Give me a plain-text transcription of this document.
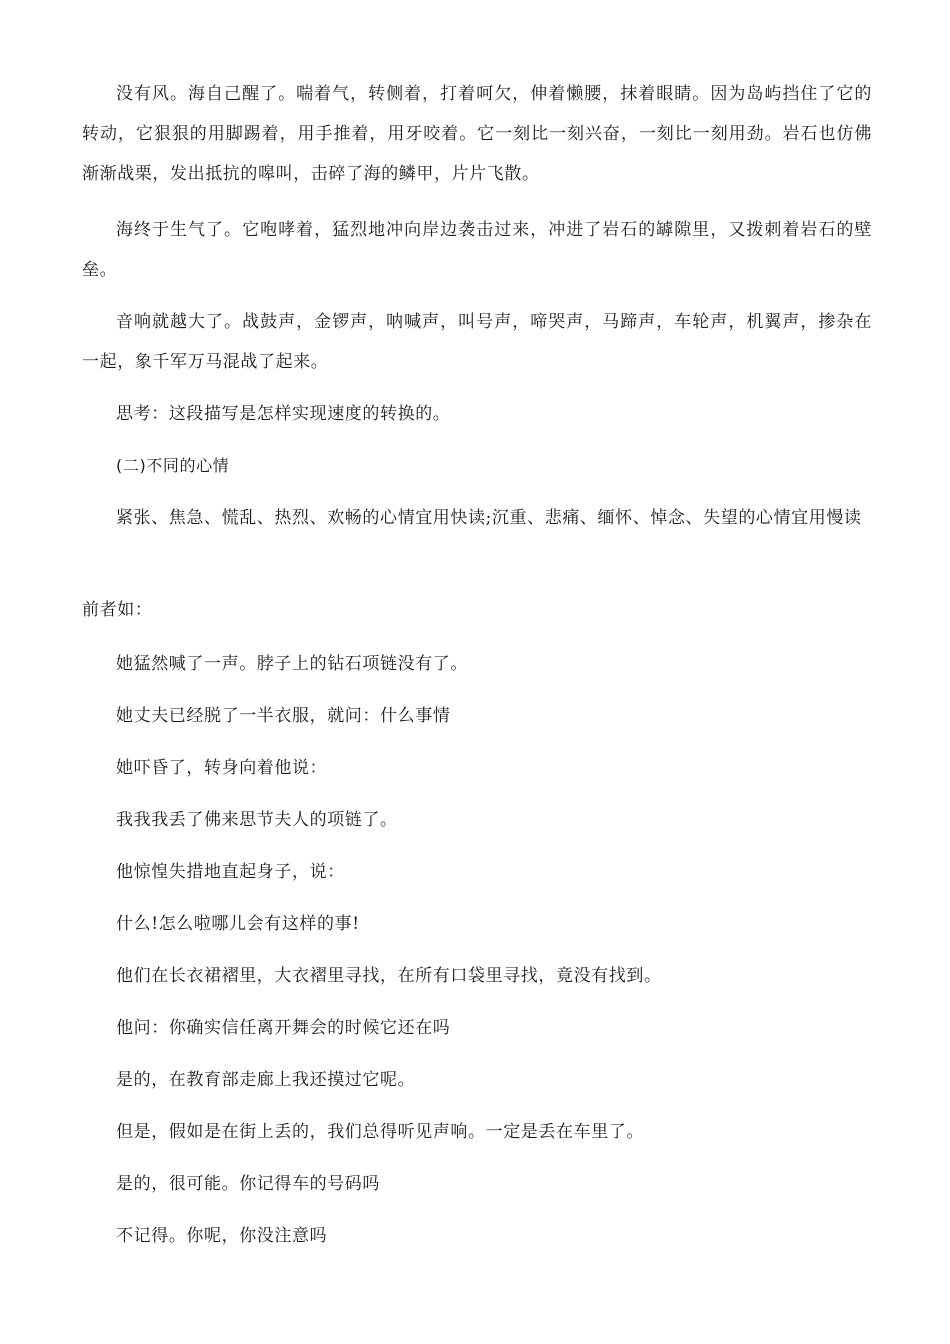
没有风。海自己醒了。喘着气，转侧着，打着呵欠，伸着懒腰，抹着眼睛。因为岛屿挡住了它的转动，它狠狠的用脚踢着，用手推着，用牙咬着。它一刻比一刻兴奋，一刻比一刻用劲。岩石也仿佛渐渐战栗，发出抵抗的嗥叫，击碎了海的鳞甲，片片飞散。

海终于生气了。它咆哮着，猛烈地冲向岸边袭击过来，冲进了岩石的罅隙里，又拨刺着岩石的壁垒。

音响就越大了。战鼓声，金锣声，呐喊声，叫号声，啼哭声，马蹄声，车轮声，机翼声，掺杂在一起，象千军万马混战了起来。

思考：这段描写是怎样实现速度的转换的。

(二)不同的心情

紧张、焦急、慌乱、热烈、欢畅的心情宜用快读;沉重、悲痛、缅怀、悼念、失望的心情宜用慢读

前者如：

她猛然喊了一声。脖子上的钻石项链没有了。

她丈夫已经脱了一半衣服，就问：什么事情

她吓昏了，转身向着他说：

我我我丢了佛来思节夫人的项链了。

他惊惶失措地直起身子，说：

什么!怎么啦哪儿会有这样的事!

他们在长衣裙褶里，大衣褶里寻找，在所有口袋里寻找，竟没有找到。

他问：你确实信任离开舞会的时候它还在吗

是的，在教育部走廊上我还摸过它呢。

但是，假如是在街上丢的，我们总得听见声响。一定是丢在车里了。

是的，很可能。你记得车的号码吗

不记得。你呢，你没注意吗
